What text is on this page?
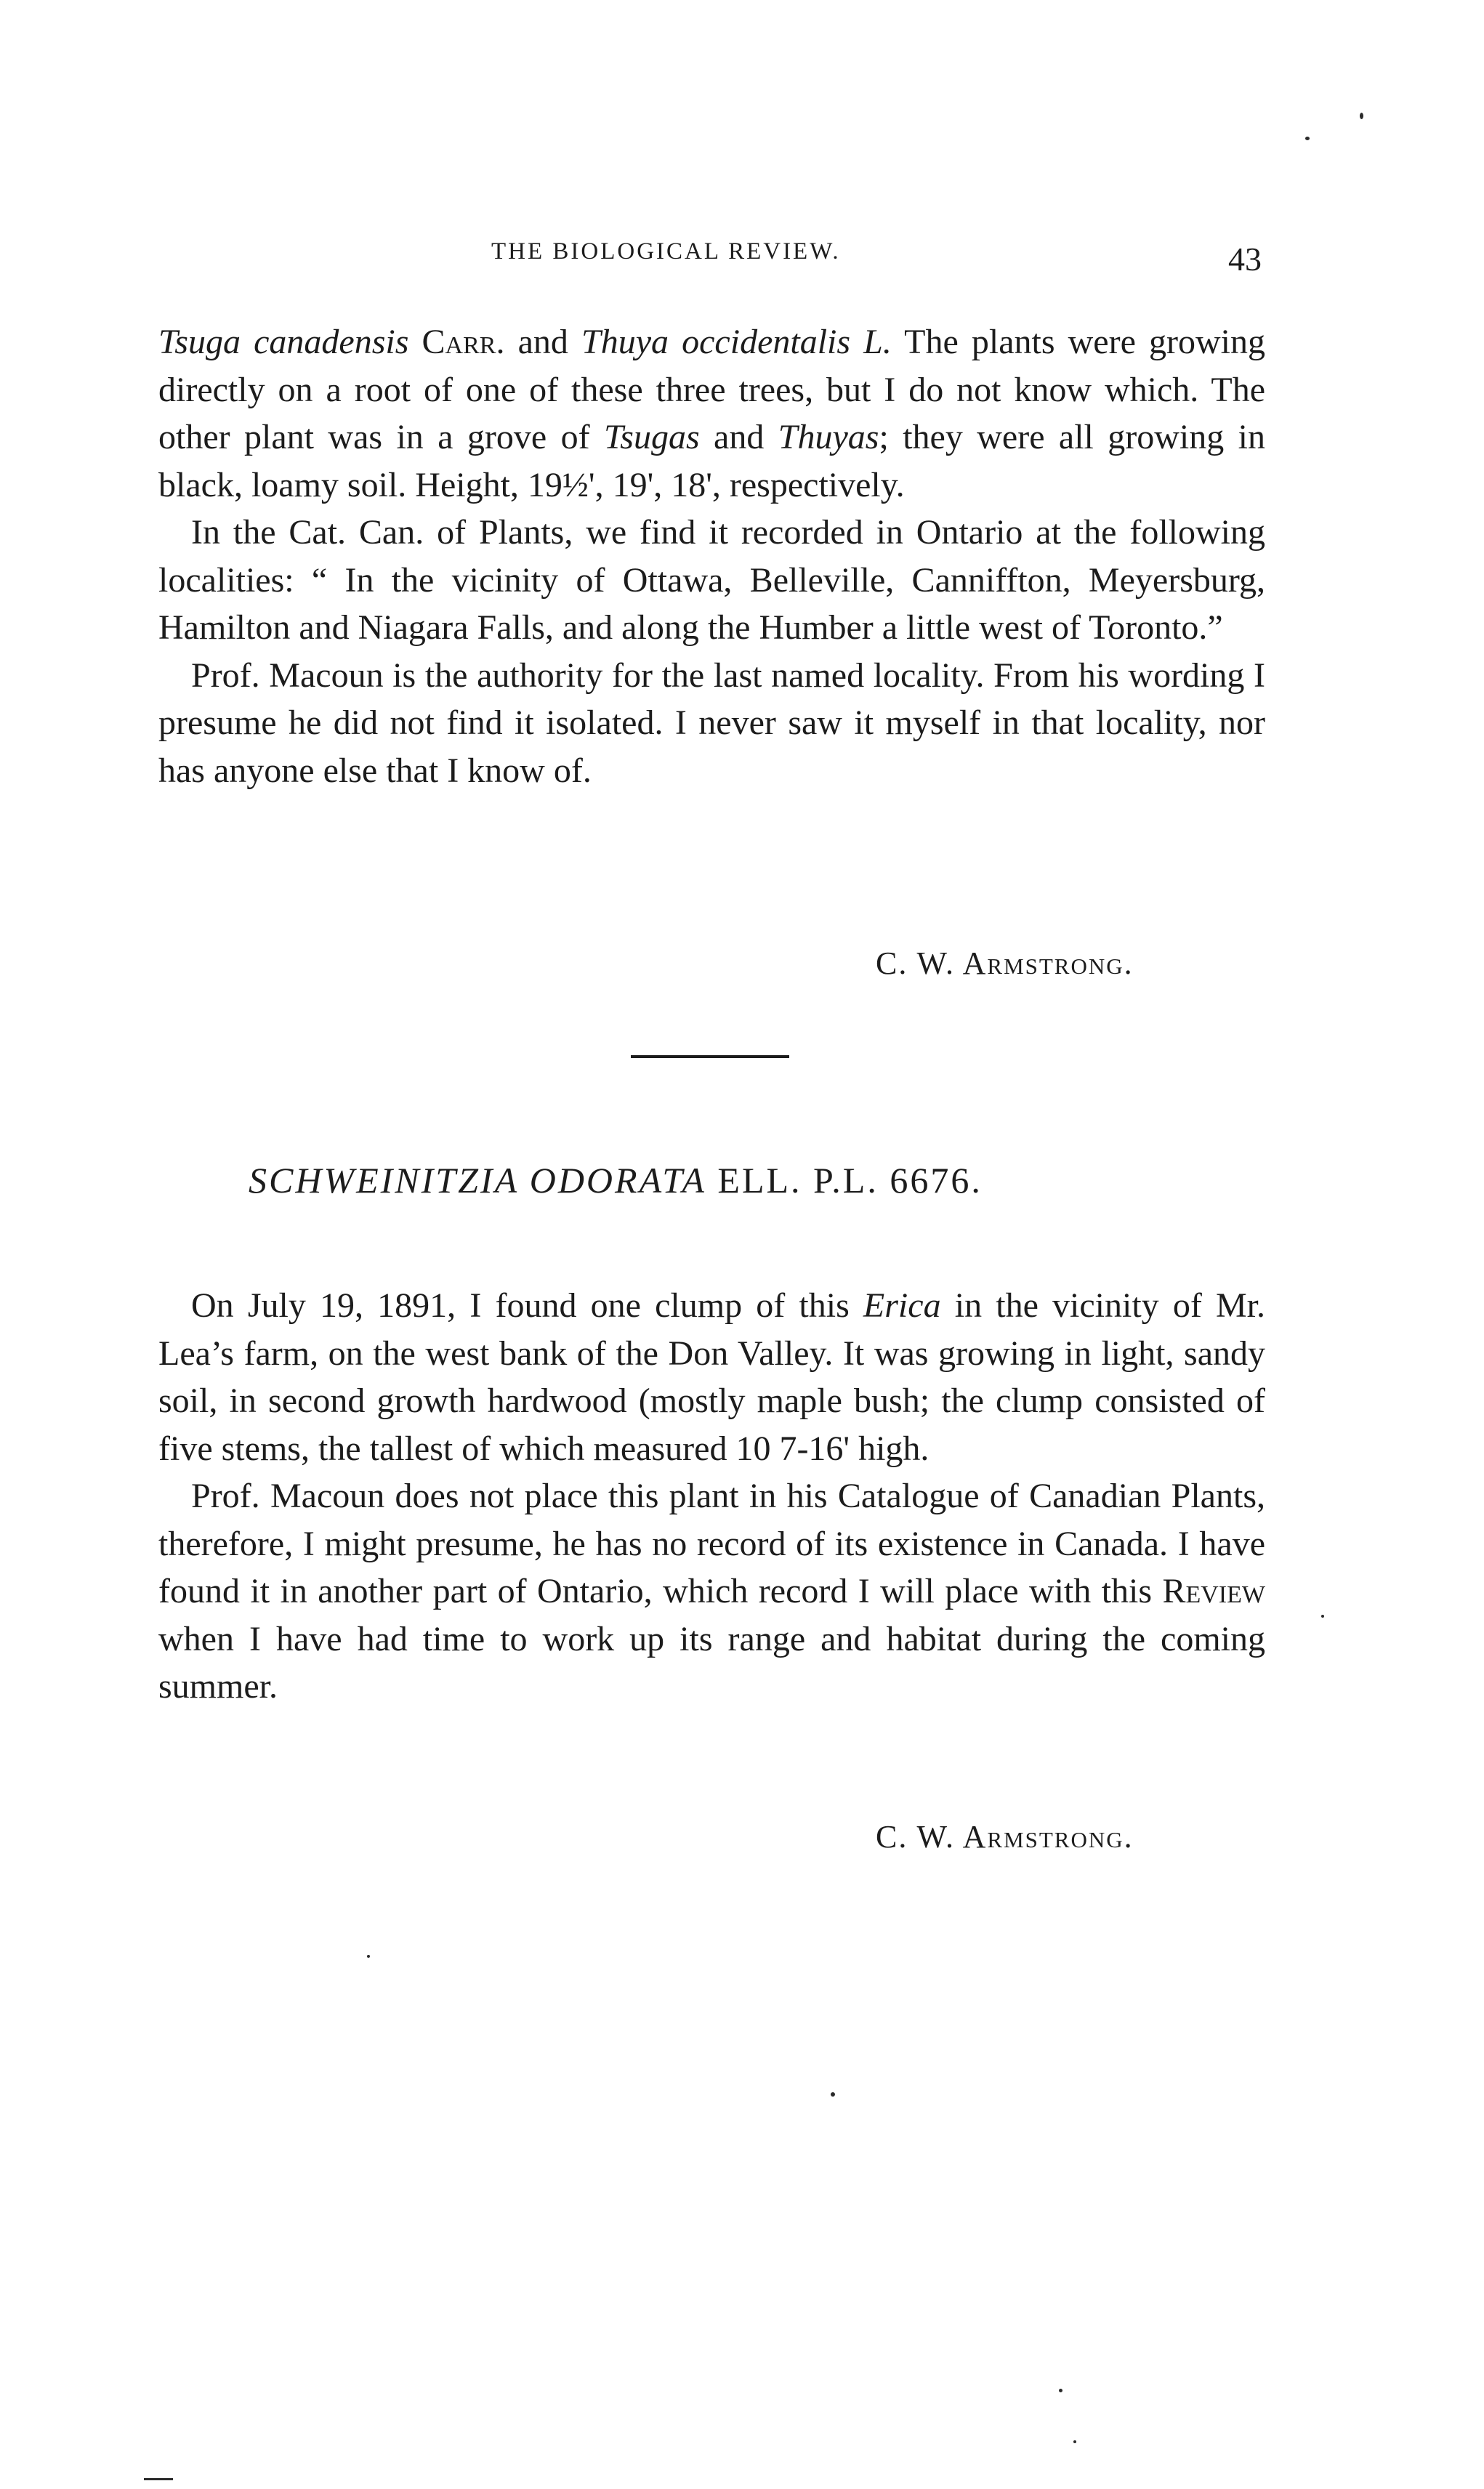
THE BIOLOGICAL REVIEW.	43

Tsuga canadensis Carr. and Thuya occidentalis L. The plants were growing directly on a root of one of these three trees, but I do not know which. The other plant was in a grove of Tsugas and Thuyas; they were all growing in black, loamy soil. Height, 19½', 19', 18', respectively.

In the Cat. Can. of Plants, we find it recorded in Ontario at the following localities: “ In the vicinity of Ottawa, Belleville, Canniffton, Meyersburg, Hamilton and Niagara Falls, and along the Humber a little west of Toronto.”

Prof. Macoun is the authority for the last named locality. From his wording I presume he did not find it isolated. I never saw it myself in that locality, nor has anyone else that I know of.

C. W. Armstrong.
SCHWEINITZIA ODORATA ELL. P.L. 6676.

On July 19, 1891, I found one clump of this Erica in the vicinity of Mr. Lea’s farm, on the west bank of the Don Valley. It was growing in light, sandy soil, in second growth hardwood (mostly maple bush; the clump consisted of five stems, the tallest of which measured 10 7-16' high.

Prof. Macoun does not place this plant in his Catalogue of Canadian Plants, therefore, I might presume, he has no record of its existence in Canada. I have found it in another part of Ontario, which record I will place with this Review when I have had time to work up its range and habitat during the coming summer.

C. W. Armstrong.
